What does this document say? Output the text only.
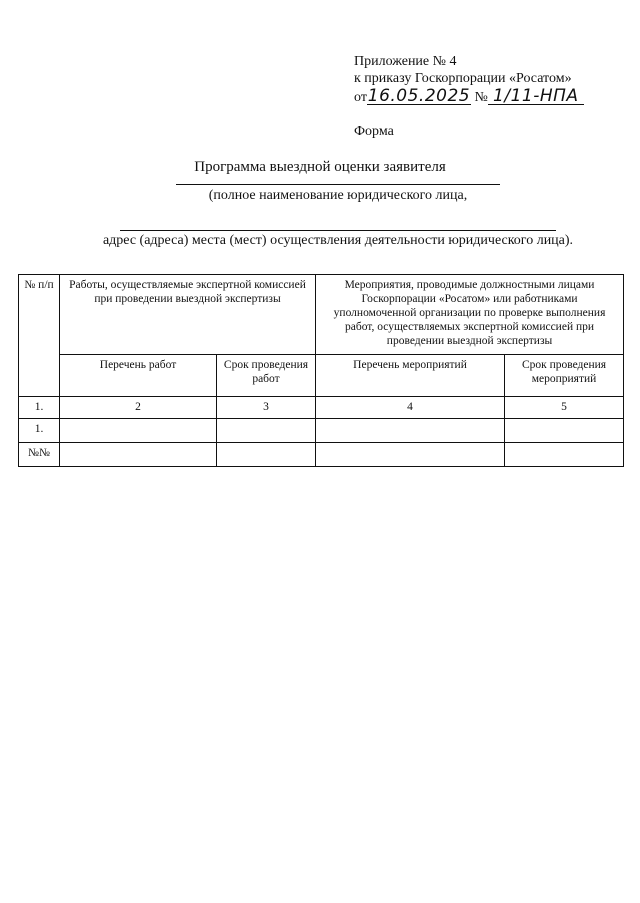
Приложение № 4
к приказу Госкорпорации «Росатом»
от16.05.2025 № 1/11-НПА
Форма
Программа выездной оценки заявителя
(полное наименование юридического лица,
адрес (адреса) места (мест) осуществления деятельности юридического лица).
№ п/п	Работы, осуществляемые экспертной комиссией при проведении выездной экспертизы		Мероприятия, проводимые должностными лицами Госкорпорации «Росатом» или работниками уполномоченной организации по проверке выполнения работ, осуществляемых экспертной комиссией при проведении выездной экспертизы	
	Перечень работ	Срок проведения работ	Перечень мероприятий	Срок проведения мероприятий
1.	2	3	4	5
1.				
№№				
